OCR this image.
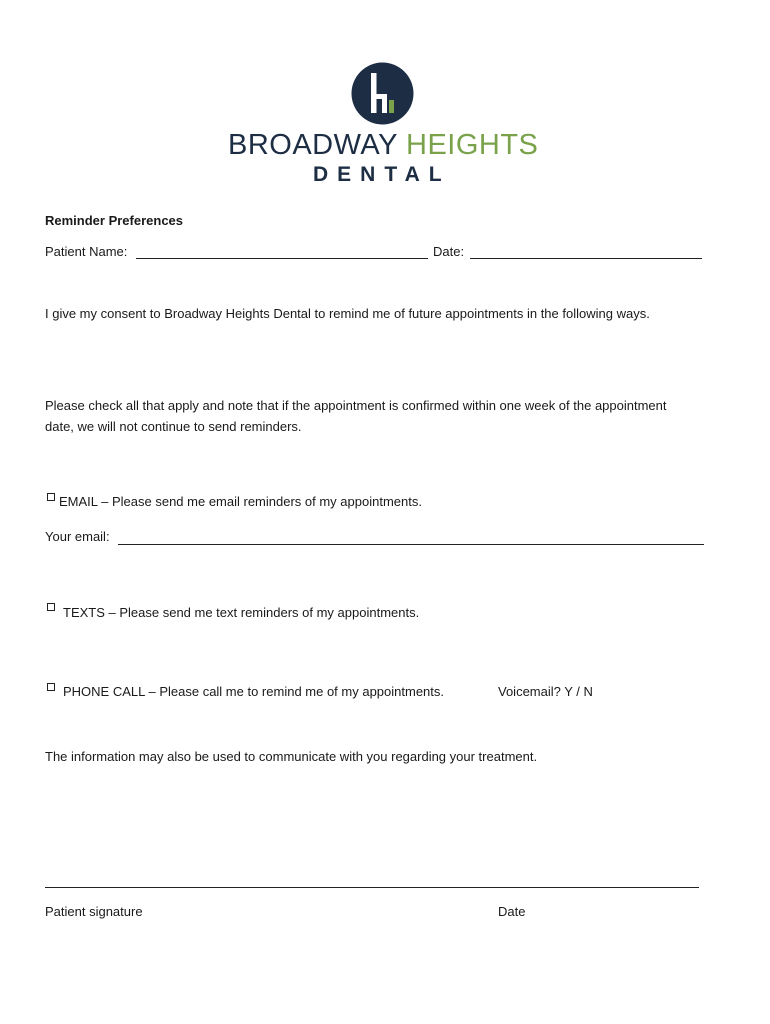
BROADWAY HEIGHTS
DENTAL
Reminder Preferences
Patient Name:	Date:
I give my consent to Broadway Heights Dental to remind me of future appointments in the following ways.
Please check all that apply and note that if the appointment is confirmed within one week of the appointment
date, we will not continue to send reminders.
EMAIL – Please send me email reminders of my appointments.
Your email:
TEXTS – Please send me text reminders of my appointments.
PHONE CALL – Please call me to remind me of my appointments.	Voicemail? Y / N
The information may also be used to communicate with you regarding your treatment.
Patient signature	Date
